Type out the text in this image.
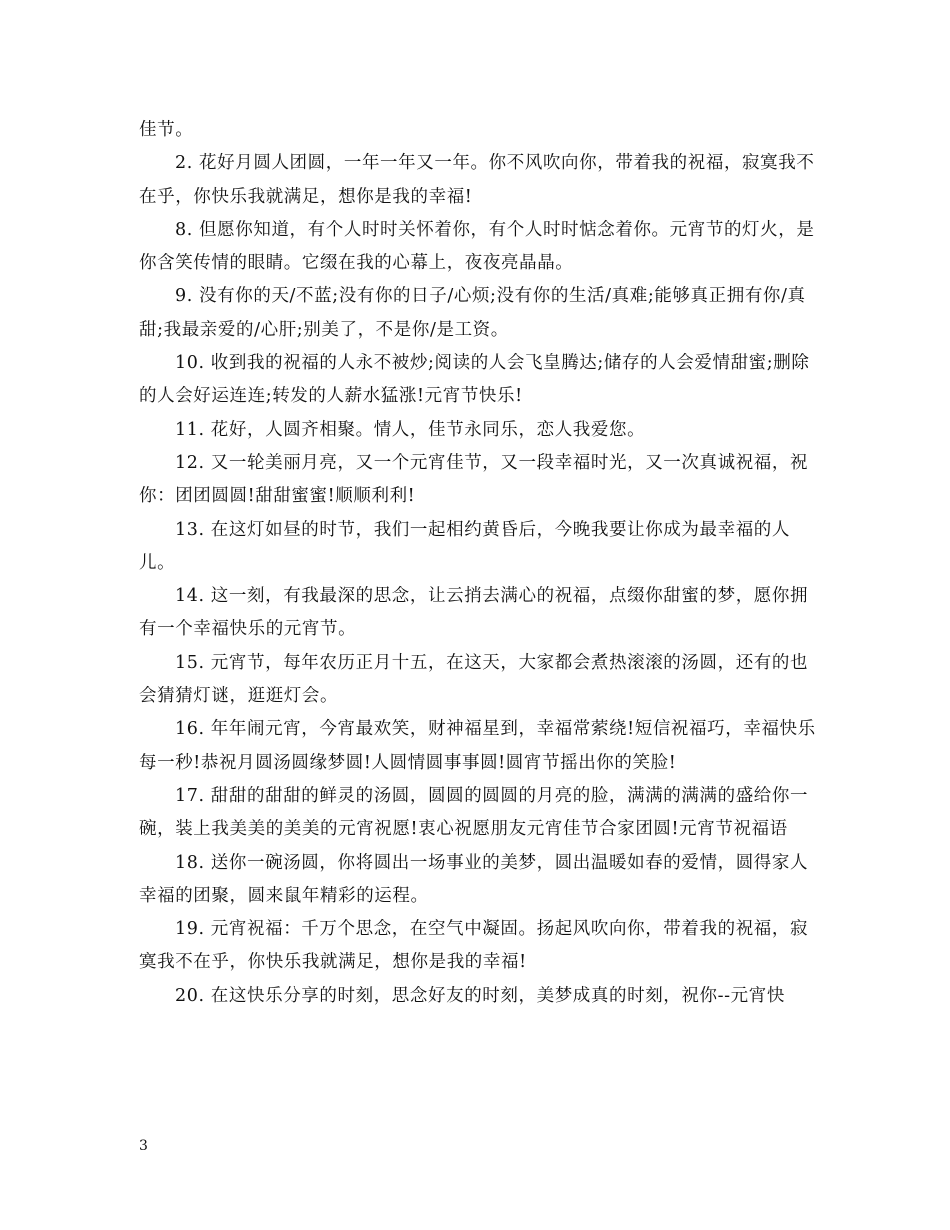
佳节。

2. 花好月圆人团圆，一年一年又一年。你不风吹向你，带着我的祝福，寂寞我不在乎，你快乐我就满足，想你是我的幸福!

8. 但愿你知道，有个人时时关怀着你，有个人时时惦念着你。元宵节的灯火，是你含笑传情的眼睛。它缀在我的心幕上，夜夜亮晶晶。

9. 没有你的天/不蓝;没有你的日子/心烦;没有你的生活/真难;能够真正拥有你/真甜;我最亲爱的/心肝;别美了，不是你/是工资。

10. 收到我的祝福的人永不被炒;阅读的人会飞皇腾达;储存的人会爱情甜蜜;删除的人会好运连连;转发的人薪水猛涨!元宵节快乐!

11. 花好，人圆齐相聚。情人，佳节永同乐，恋人我爱您。

12. 又一轮美丽月亮，又一个元宵佳节，又一段幸福时光，又一次真诚祝福，祝你：团团圆圆!甜甜蜜蜜!顺顺利利!

13. 在这灯如昼的时节，我们一起相约黄昏后，今晚我要让你成为最幸福的人儿。

14. 这一刻，有我最深的思念，让云捎去满心的祝福，点缀你甜蜜的梦，愿你拥有一个幸福快乐的元宵节。

15. 元宵节，每年农历正月十五，在这天，大家都会煮热滚滚的汤圆，还有的也会猜猜灯谜，逛逛灯会。

16. 年年闹元宵，今宵最欢笑，财神福星到，幸福常萦绕!短信祝福巧，幸福快乐每一秒!恭祝月圆汤圆缘梦圆!人圆情圆事事圆!圆宵节摇出你的笑脸!

17. 甜甜的甜甜的鲜灵的汤圆，圆圆的圆圆的月亮的脸，满满的满满的盛给你一碗，装上我美美的美美的元宵祝愿!衷心祝愿朋友元宵佳节合家团圆!元宵节祝福语

18. 送你一碗汤圆，你将圆出一场事业的美梦，圆出温暖如春的爱情，圆得家人幸福的团聚，圆来鼠年精彩的运程。

19. 元宵祝福：千万个思念，在空气中凝固。扬起风吹向你，带着我的祝福，寂寞我不在乎，你快乐我就满足，想你是我的幸福!

20. 在这快乐分享的时刻，思念好友的时刻，美梦成真的时刻，祝你--元宵快

3
